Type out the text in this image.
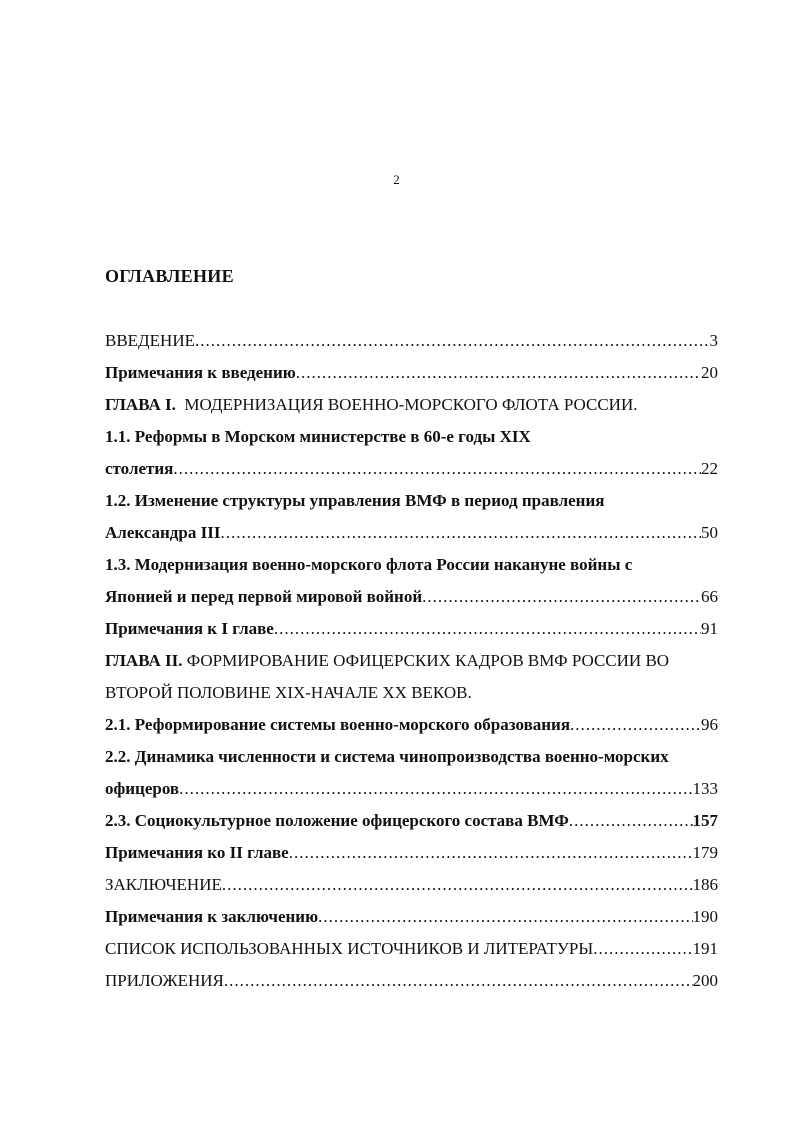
2
ОГЛАВЛЕНИЕ
ВВЕДЕНИЕ .....	3
Примечания к введению .....	20
ГЛАВА I.
МОДЕРНИЗАЦИЯ ВОЕННО-МОРСКОГО ФЛОТА РОССИИ.
1.1. Реформы в Морском министерстве в 60-е годы XIX
столетия .....	22
1.2. Изменение структуры управления ВМФ в период правления
Александра III .....	50
1.3. Модернизация военно-морского флота России накануне войны с
Японией и перед первой мировой войной .....	66
Примечания к I главе .....	91
ГЛАВА II.
ФОРМИРОВАНИЕ ОФИЦЕРСКИХ КАДРОВ ВМФ РОССИИ ВО
ВТОРОЙ ПОЛОВИНЕ XIX-НАЧАЛЕ XX ВЕКОВ.
2.1. Реформирование системы военно-морского образования .....	96
2.2. Динамика численности и система чинопроизводства военно-морских
офицеров .....	133
2.3. Социокультурное положение офицерского состава ВМФ .....	157
Примечания ко II главе .....	179
ЗАКЛЮЧЕНИЕ .....	186
Примечания к заключению .....	190
СПИСОК ИСПОЛЬЗОВАННЫХ ИСТОЧНИКОВ И ЛИТЕРАТУРЫ .....	191
ПРИЛОЖЕНИЯ .....	200
